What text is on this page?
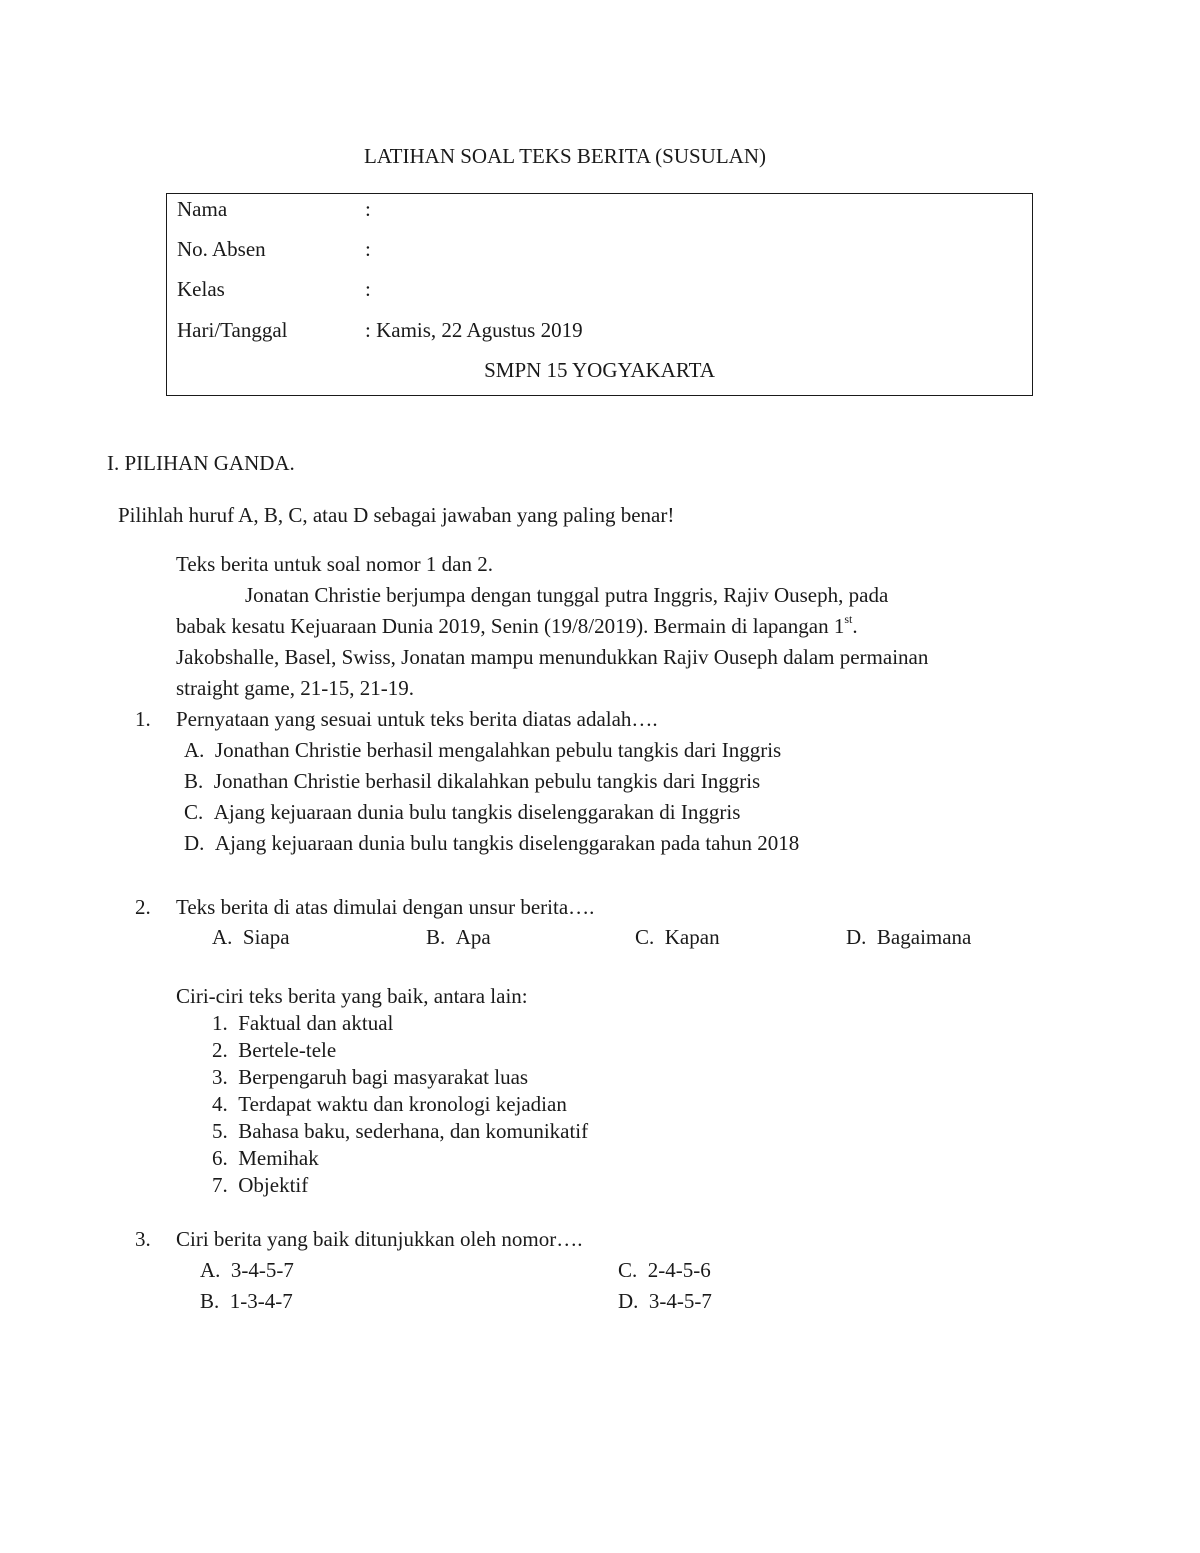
LATIHAN SOAL TEKS BERITA (SUSULAN)
Nama	:
No. Absen	:
Kelas	:
Hari/Tanggal	: Kamis, 22 Agustus 2019
SMPN 15 YOGYAKARTA
I. PILIHAN GANDA.
Pilihlah huruf A, B, C, atau D sebagai jawaban yang paling benar!
Teks berita untuk soal nomor 1 dan 2.
Jonatan Christie berjumpa dengan tunggal putra Inggris, Rajiv Ouseph, pada
babak kesatu Kejuaraan Dunia 2019, Senin (19/8/2019). Bermain di lapangan 1st.
Jakobshalle, Basel, Swiss, Jonatan mampu menundukkan Rajiv Ouseph dalam permainan
straight game, 21-15, 21-19.
1. Pernyataan yang sesuai untuk teks berita diatas adalah….
A. Jonathan Christie berhasil mengalahkan pebulu tangkis dari Inggris
B. Jonathan Christie berhasil dikalahkan pebulu tangkis dari Inggris
C. Ajang kejuaraan dunia bulu tangkis diselenggarakan di Inggris
D. Ajang kejuaraan dunia bulu tangkis diselenggarakan pada tahun 2018
2. Teks berita di atas dimulai dengan unsur berita….
A. Siapa	B. Apa	C. Kapan	D. Bagaimana
Ciri-ciri teks berita yang baik, antara lain:
1. Faktual dan aktual
2. Bertele-tele
3. Berpengaruh bagi masyarakat luas
4. Terdapat waktu dan kronologi kejadian
5. Bahasa baku, sederhana, dan komunikatif
6. Memihak
7. Objektif
3. Ciri berita yang baik ditunjukkan oleh nomor….
A. 3-4-5-7	C. 2-4-5-6
B. 1-3-4-7	D. 3-4-5-7
